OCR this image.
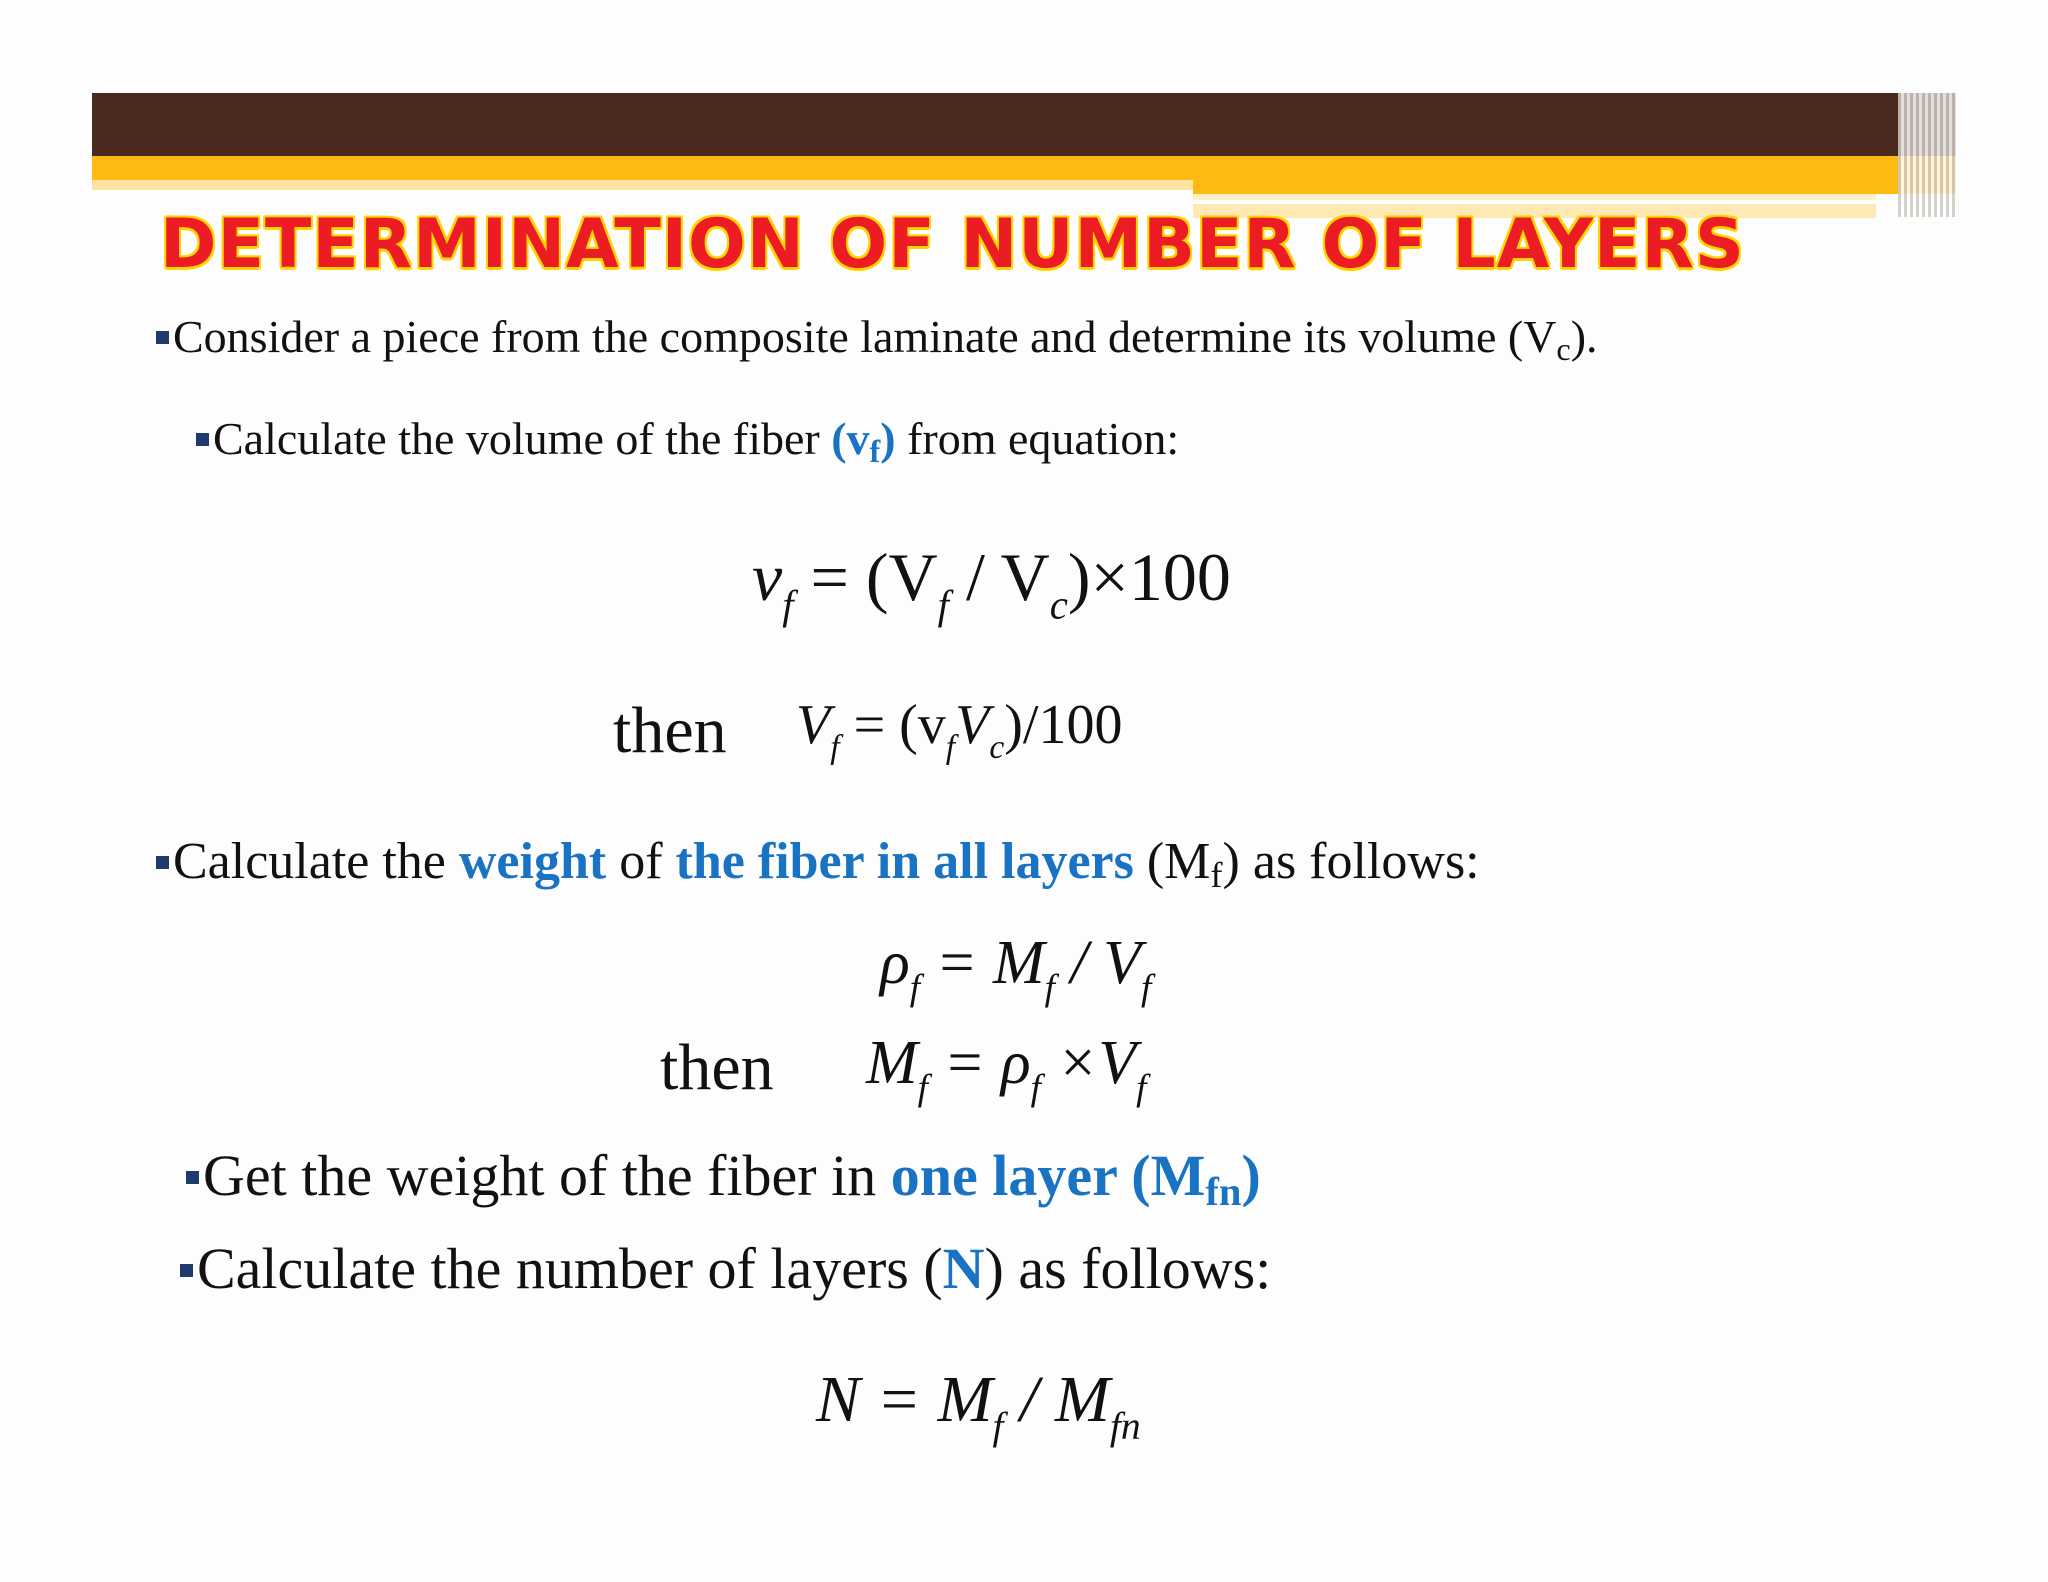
DETERMINATION OF NUMBER OF LAYERS
Consider a piece from the composite laminate and determine its volume $(V_c)$.
Calculate the volume of the fiber $(v_f)$ from equation:
$v_f = (V_f / V_c)\times 100$
then $V_f = (v_fV_c)/100$
Calculate the weight of the fiber in all layers $(M_f)$ as follows:
$\rho_f = M_f / V_f$
then $M_f = \rho_f \times V_f$
Get the weight of the fiber in one layer $(M_{fn})$
Calculate the number of layers (N) as follows:
$N = M_f / M_{fn}$
